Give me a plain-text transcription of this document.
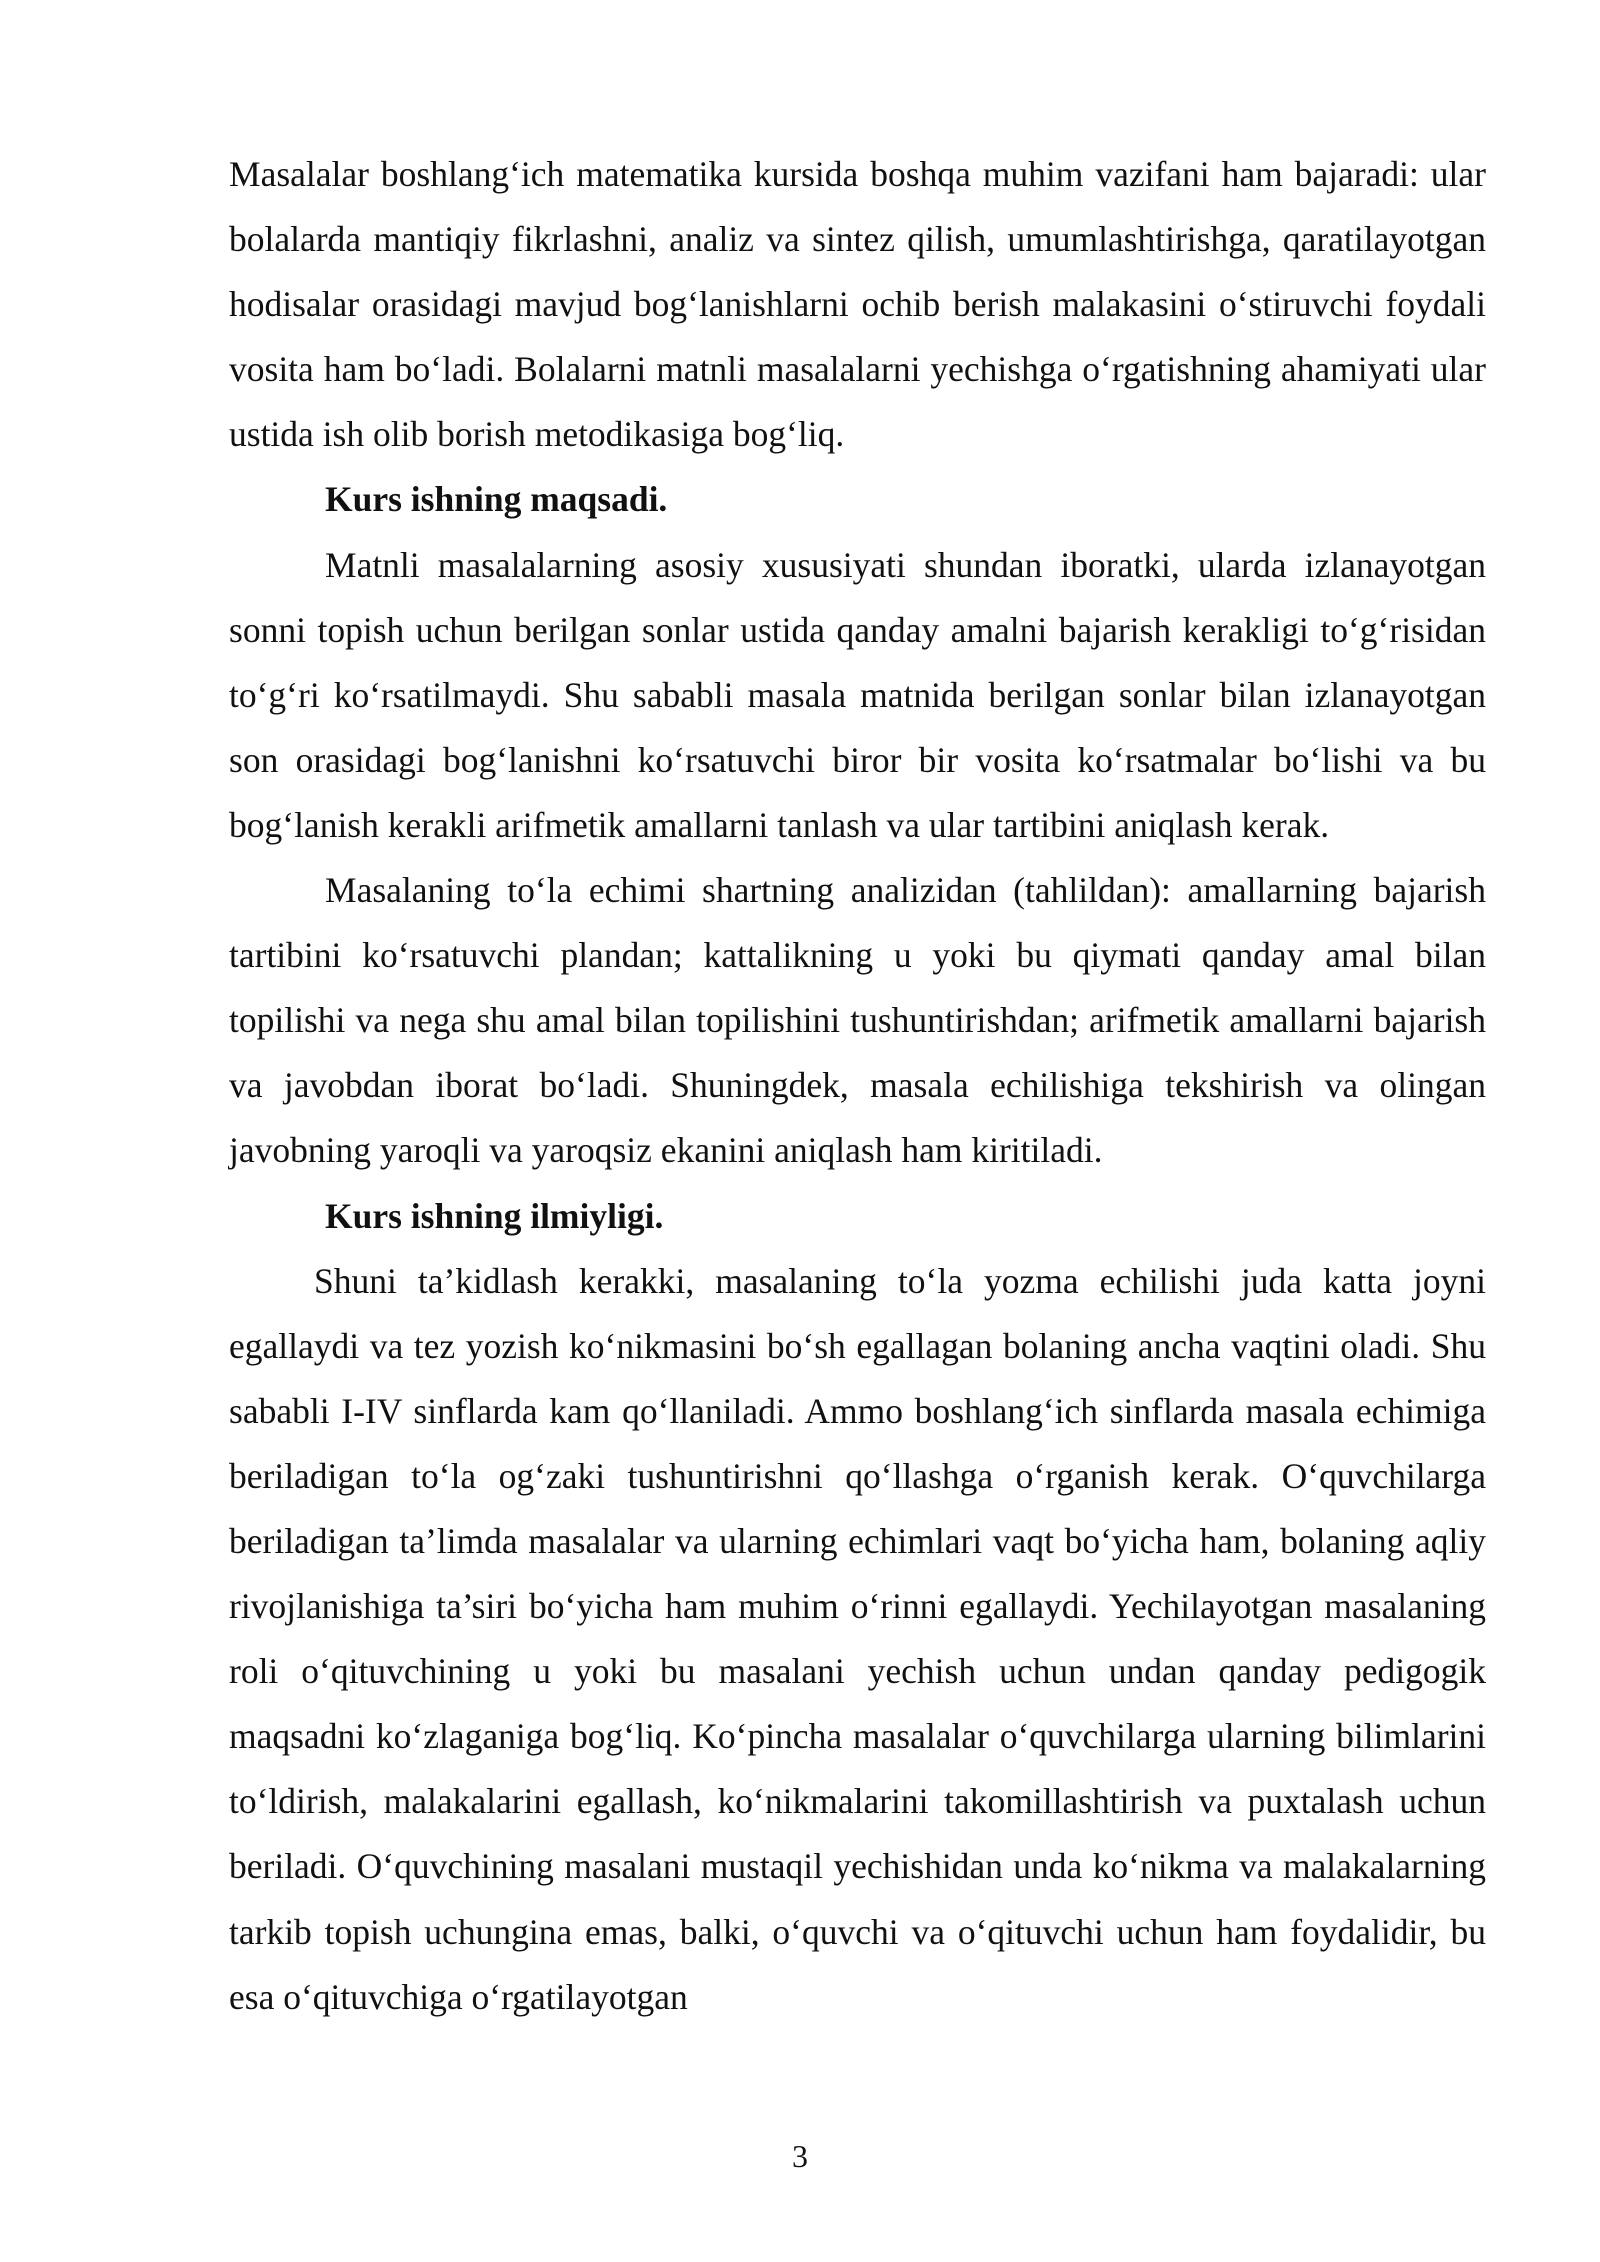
Masalalar boshlang‘ich matematika kursida boshqa muhim vazifani ham bajaradi: ular bolalarda mantiqiy fikrlashni, analiz va sintez qilish, umumlashtirishga, qaratilayotgan hodisalar orasidagi mavjud bog‘lanishlarni ochib berish malakasini o‘stiruvchi foydali vosita ham bo‘ladi. Bolalarni matnli masalalarni yechishga o‘rgatishning ahamiyati ular ustida ish olib borish metodikasiga bog‘liq.

Kurs ishning maqsadi.

Matnli masalalarning asosiy xususiyati shundan iboratki, ularda izlanayotgan sonni topish uchun berilgan sonlar ustida qanday amalni bajarish kerakligi to‘g‘risidan to‘g‘ri ko‘rsatilmaydi. Shu sababli masala matnida berilgan sonlar bilan izlanayotgan son orasidagi bog‘lanishni ko‘rsatuvchi biror bir vosita ko‘rsatmalar bo‘lishi va bu bog‘lanish kerakli arifmetik amallarni tanlash va ular tartibini aniqlash kerak.

Masalaning to‘la echimi shartning analizidan (tahlildan): amallarning bajarish tartibini ko‘rsatuvchi plandan; kattalikning u yoki bu qiymati qanday amal bilan topilishi va nega shu amal bilan topilishini tushuntirishdan; arifmetik amallarni bajarish va javobdan iborat bo‘ladi. Shuningdek, masala echilishiga tekshirish va olingan javobning yaroqli va yaroqsiz ekanini aniqlash ham kiritiladi.

Kurs ishning ilmiyligi.

Shuni ta’kidlash kerakki, masalaning to‘la yozma echilishi juda katta joyni egallaydi va tez yozish ko‘nikmasini bo‘sh egallagan bolaning ancha vaqtini oladi. Shu sababli I-IV sinflarda kam qo‘llaniladi. Ammo boshlang‘ich sinflarda masala echimiga beriladigan to‘la og‘zaki tushuntirishni qo‘llashga o‘rganish kerak. O‘quvchilarga beriladigan ta’limda masalalar va ularning echimlari vaqt bo‘yicha ham, bolaning aqliy rivojlanishiga ta’siri bo‘yicha ham muhim o‘rinni egallaydi. Yechilayotgan masalaning roli o‘qituvchining u yoki bu masalani yechish uchun undan qanday pedigogik maqsadni ko‘zlaganiga bog‘liq. Ko‘pincha masalalar o‘quvchilarga ularning bilimlarini to‘ldirish, malakalarini egallash, ko‘nikmalarini takomillashtirish va puxtalash uchun beriladi. O‘quvchining masalani mustaqil yechishidan unda ko‘nikma va malakalarning tarkib topish uchungina emas, balki, o‘quvchi va o‘qituvchi uchun ham foydalidir, bu esa o‘qituvchiga o‘rgatilayotgan

3
